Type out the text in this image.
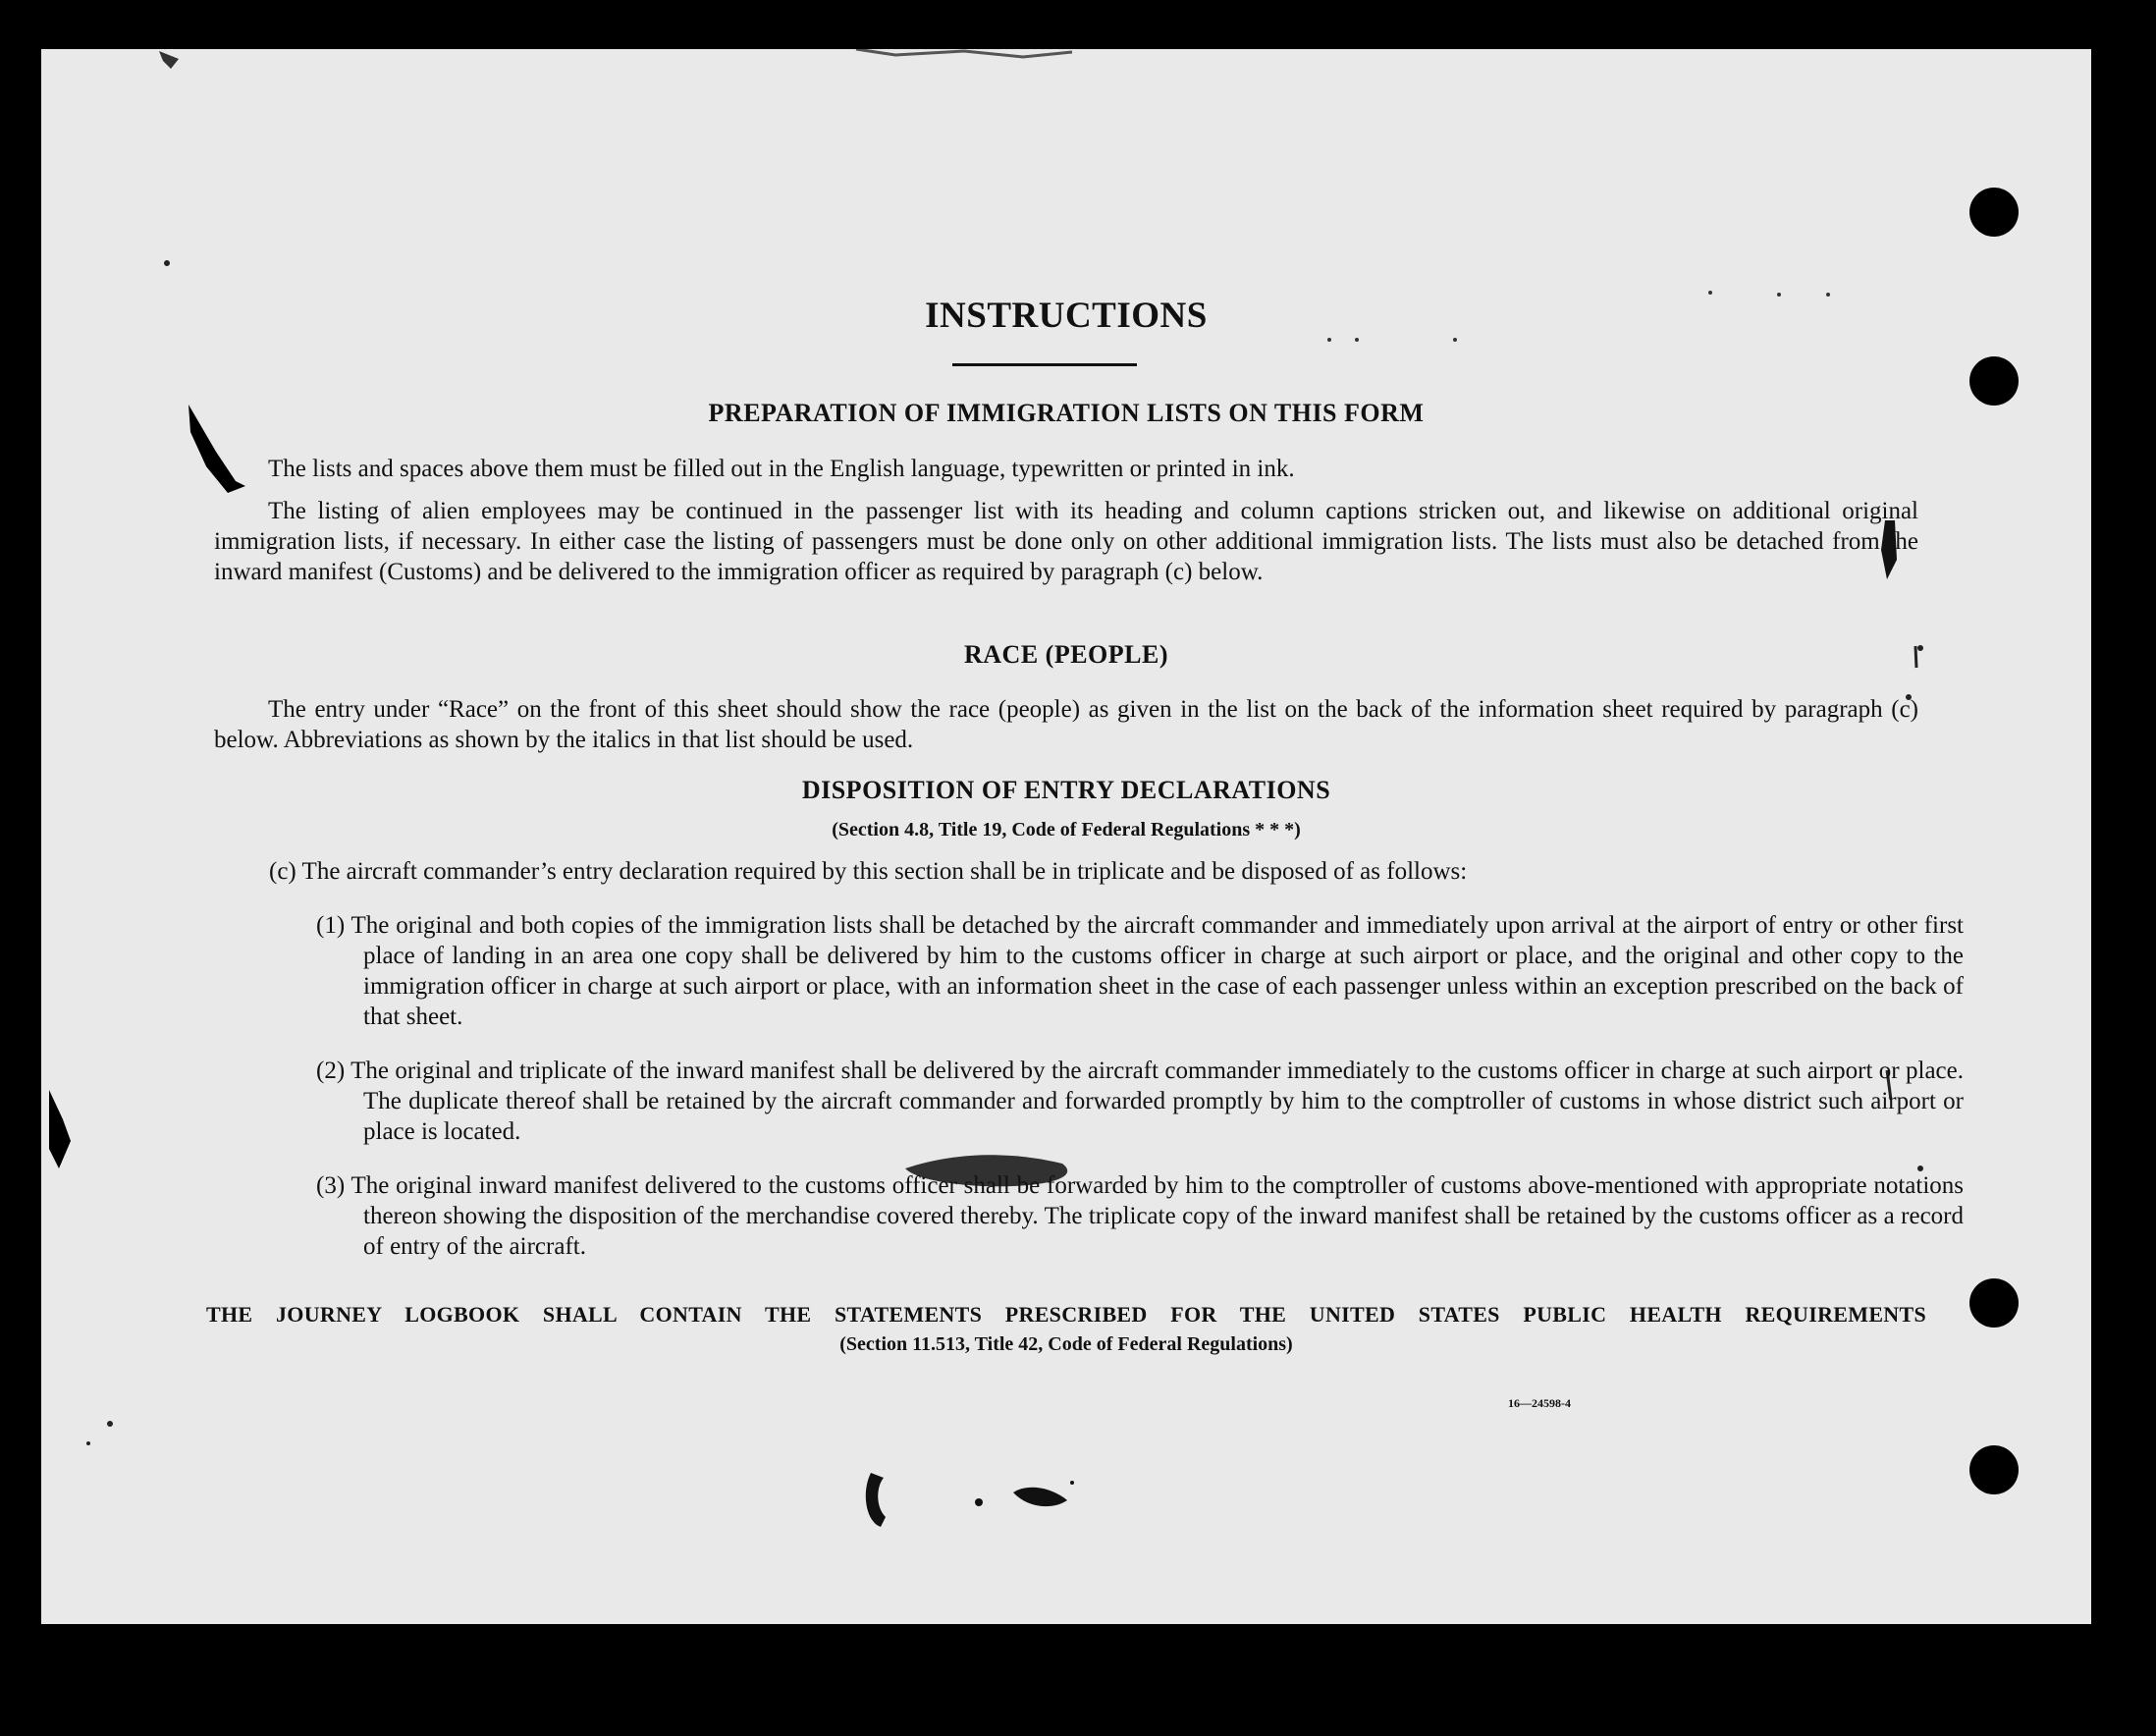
INSTRUCTIONS
PREPARATION OF IMMIGRATION LISTS ON THIS FORM

The lists and spaces above them must be filled out in the English language, typewritten or printed in ink.

The listing of alien employees may be continued in the passenger list with its heading and column captions stricken out, and likewise on additional original immigration lists, if necessary. In either case the listing of passengers must be done only on other additional immigration lists. The lists must also be detached from the inward manifest (Customs) and be delivered to the immigration officer as required by paragraph (c) below.

RACE (PEOPLE)

The entry under “Race” on the front of this sheet should show the race (people) as given in the list on the back of the information sheet required by paragraph (c) below. Abbreviations as shown by the italics in that list should be used.

DISPOSITION OF ENTRY DECLARATIONS
(Section 4.8, Title 19, Code of Federal Regulations * * *)

(c) The aircraft commander’s entry declaration required by this section shall be in triplicate and be disposed of as follows:

(1) The original and both copies of the immigration lists shall be detached by the aircraft commander and immediately upon arrival at the airport of entry or other first place of landing in an area one copy shall be delivered by him to the customs officer in charge at such airport or place, and the original and other copy to the immigration officer in charge at such airport or place, with an information sheet in the case of each passenger unless within an exception prescribed on the back of that sheet.

(2) The original and triplicate of the inward manifest shall be delivered by the aircraft commander immediately to the customs officer in charge at such airport or place. The duplicate thereof shall be retained by the aircraft commander and forwarded promptly by him to the comptroller of customs in whose district such airport or place is located.

(3) The original inward manifest delivered to the customs officer shall be forwarded by him to the comptroller of customs above-mentioned with appropriate notations thereon showing the disposition of the merchandise covered thereby. The triplicate copy of the inward manifest shall be retained by the customs officer as a record of entry of the aircraft.

THE JOURNEY LOGBOOK SHALL CONTAIN THE STATEMENTS PRESCRIBED FOR THE UNITED STATES PUBLIC HEALTH REQUIREMENTS
(Section 11.513, Title 42, Code of Federal Regulations)
16—24598-4
